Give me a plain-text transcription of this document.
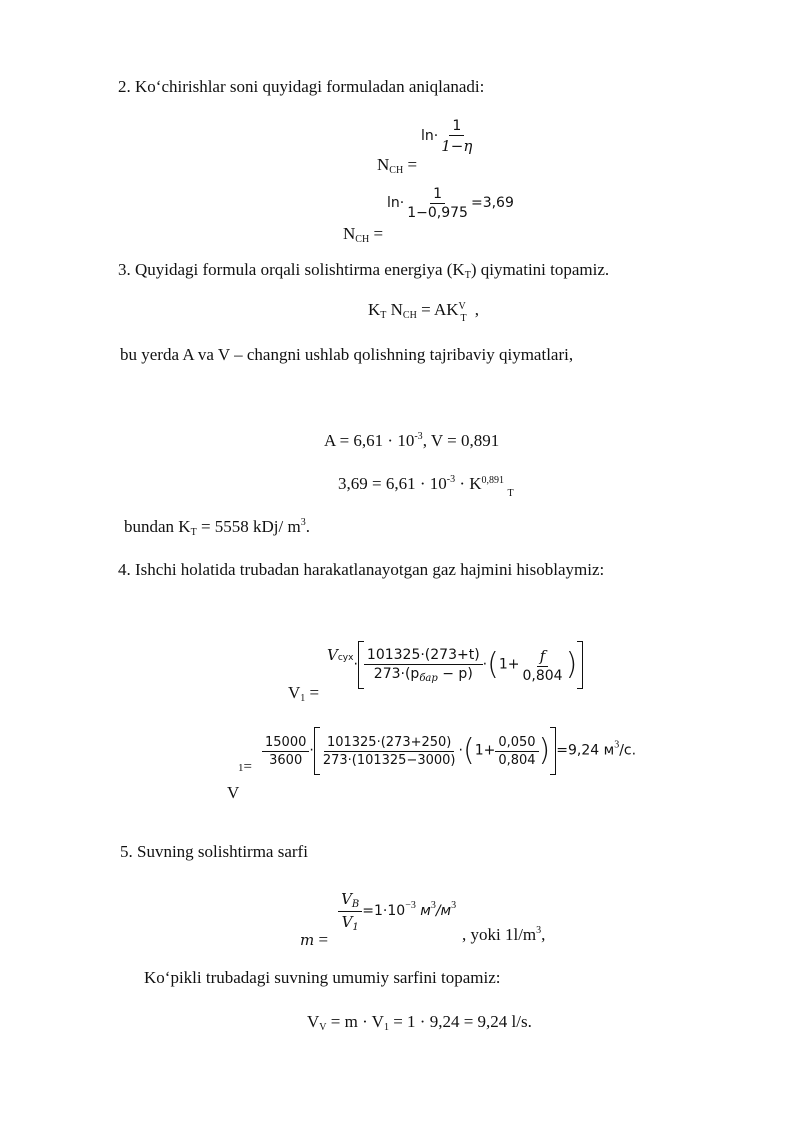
2. Ko‘chirishlar soni quyidagi formuladan aniqlanadi:
$N_{CH} = \ln\cdot \frac{1}{1-\eta}$
$N_{CH} = \ln\cdot \frac{1}{1-0,975} =3,69$
3. Quyidagi formula orqali solishtirma energiya $(K_T)$ qiymatini topamiz.
$K_T$ $N_{CH}$ = AK V
T ,
bu yerda A va V – changni ushlab qolishning tajribaviy qiymatlari,
$A = 6,61 \cdot 10^{-3}$, V = 0,891
$3,69 = 6,61 \cdot 10^{-3} \cdot K$ 0,891
T
bundan $K_T = 5558$ kDj/ $m^3$.
4. Ishchi holatida trubadan harakatlanayotgan gaz hajmini hisoblaymiz:
$V_1$ =
$V^{сух}\cdot \frac{101325\cdot(273+t)}{273\cdot(p_{бар} - p)} \cdot(1+ \frac{f}{0,804}$ )
$\frac{15000}{3600} \cdot \frac{101325\cdot(273+250)}{273\cdot(101325-3000)} \cdot(1+ \frac{0,050}{0,804}$ ) =9,24 $м^3/с$.
1=
V
5. Suvning solishtirma sarfi
m =
$\frac{V_B}{V_1} =1\cdot 10^{-3}$ $м^3/м^3$
, yoki $1l/m^3$,
Ko‘pikli trubadagi suvning umumiy sarfini topamiz:
$V_V = m \cdot V_1 = 1 \cdot 9,24 = 9,24$ l/s.
